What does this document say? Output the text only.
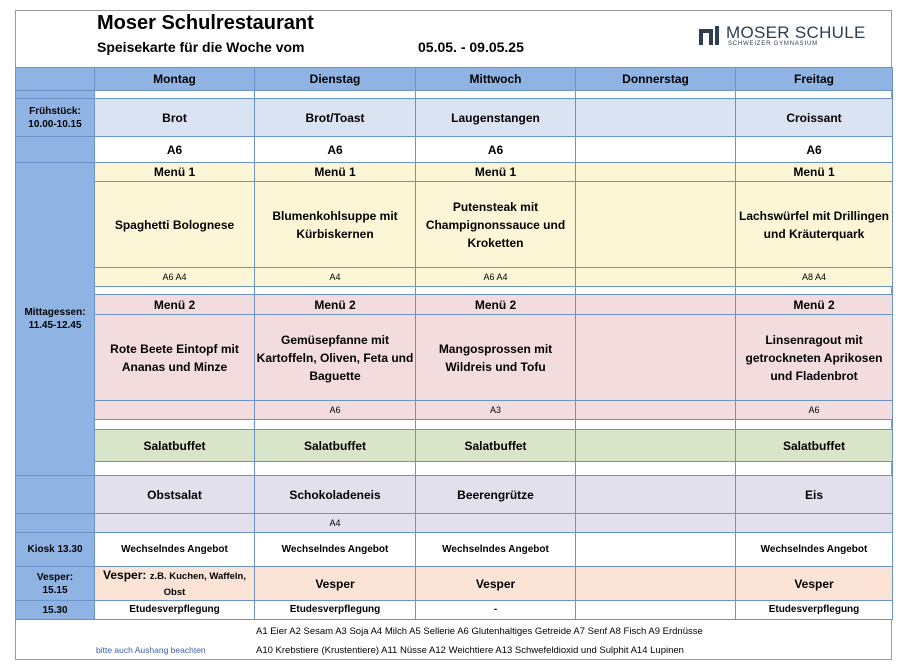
Moser Schulrestaurant
Speisekarte für die Woche vom	05.05. - 09.05.25
MOSER SCHULE
SCHWEIZER GYMNASIUM
	Montag	Dienstag	Mittwoch	Donnerstag	Freitag

Frühstück:
10.00-10.15	Brot	Brot/Toast	Laugenstangen		Croissant
	A6	A6	A6		A6
Mittagessen:
11.45-12.45	Menü 1	Menü 1	Menü 1		Menü 1
	Spaghetti Bolognese	Blumenkohlsuppe mit Kürbiskernen	Putensteak mit Champignonssauce und Kroketten		Lachswürfel mit Drillingen und Kräuterquark
	A6 A4	A4	A6 A4		A8 A4

	Menü 2	Menü 2	Menü 2		Menü 2
	Rote Beete Eintopf mit Ananas und Minze	Gemüsepfanne mit Kartoffeln, Oliven, Feta und Baguette	Mangosprossen mit Wildreis und Tofu		Linsenragout mit getrockneten Aprikosen und Fladenbrot
		A6	A3		A6

	Salatbuffet	Salatbuffet	Salatbuffet		Salatbuffet

	Obstsalat	Schokoladeneis	Beerengrütze		Eis
		A4			
Kiosk 13.30	Wechselndes Angebot	Wechselndes Angebot	Wechselndes Angebot		Wechselndes Angebot
Vesper:
15.15	Vesper: z.B. Kuchen, Waffeln, Obst	Vesper	Vesper		Vesper
15.30	Etudesverpflegung	Etudesverpflegung	-		Etudesverpflegung
A1 Eier A2 Sesam A3 Soja A4 Milch A5 Sellerie A6 Glutenhaltiges Getreide A7 Senf A8 Fisch A9 Erdnüsse
A10 Krebstiere (Krustentiere) A11 Nüsse A12 Weichtiere A13 Schwefeldioxid und Sulphit A14 Lupinen
bitte auch Aushang beachten
